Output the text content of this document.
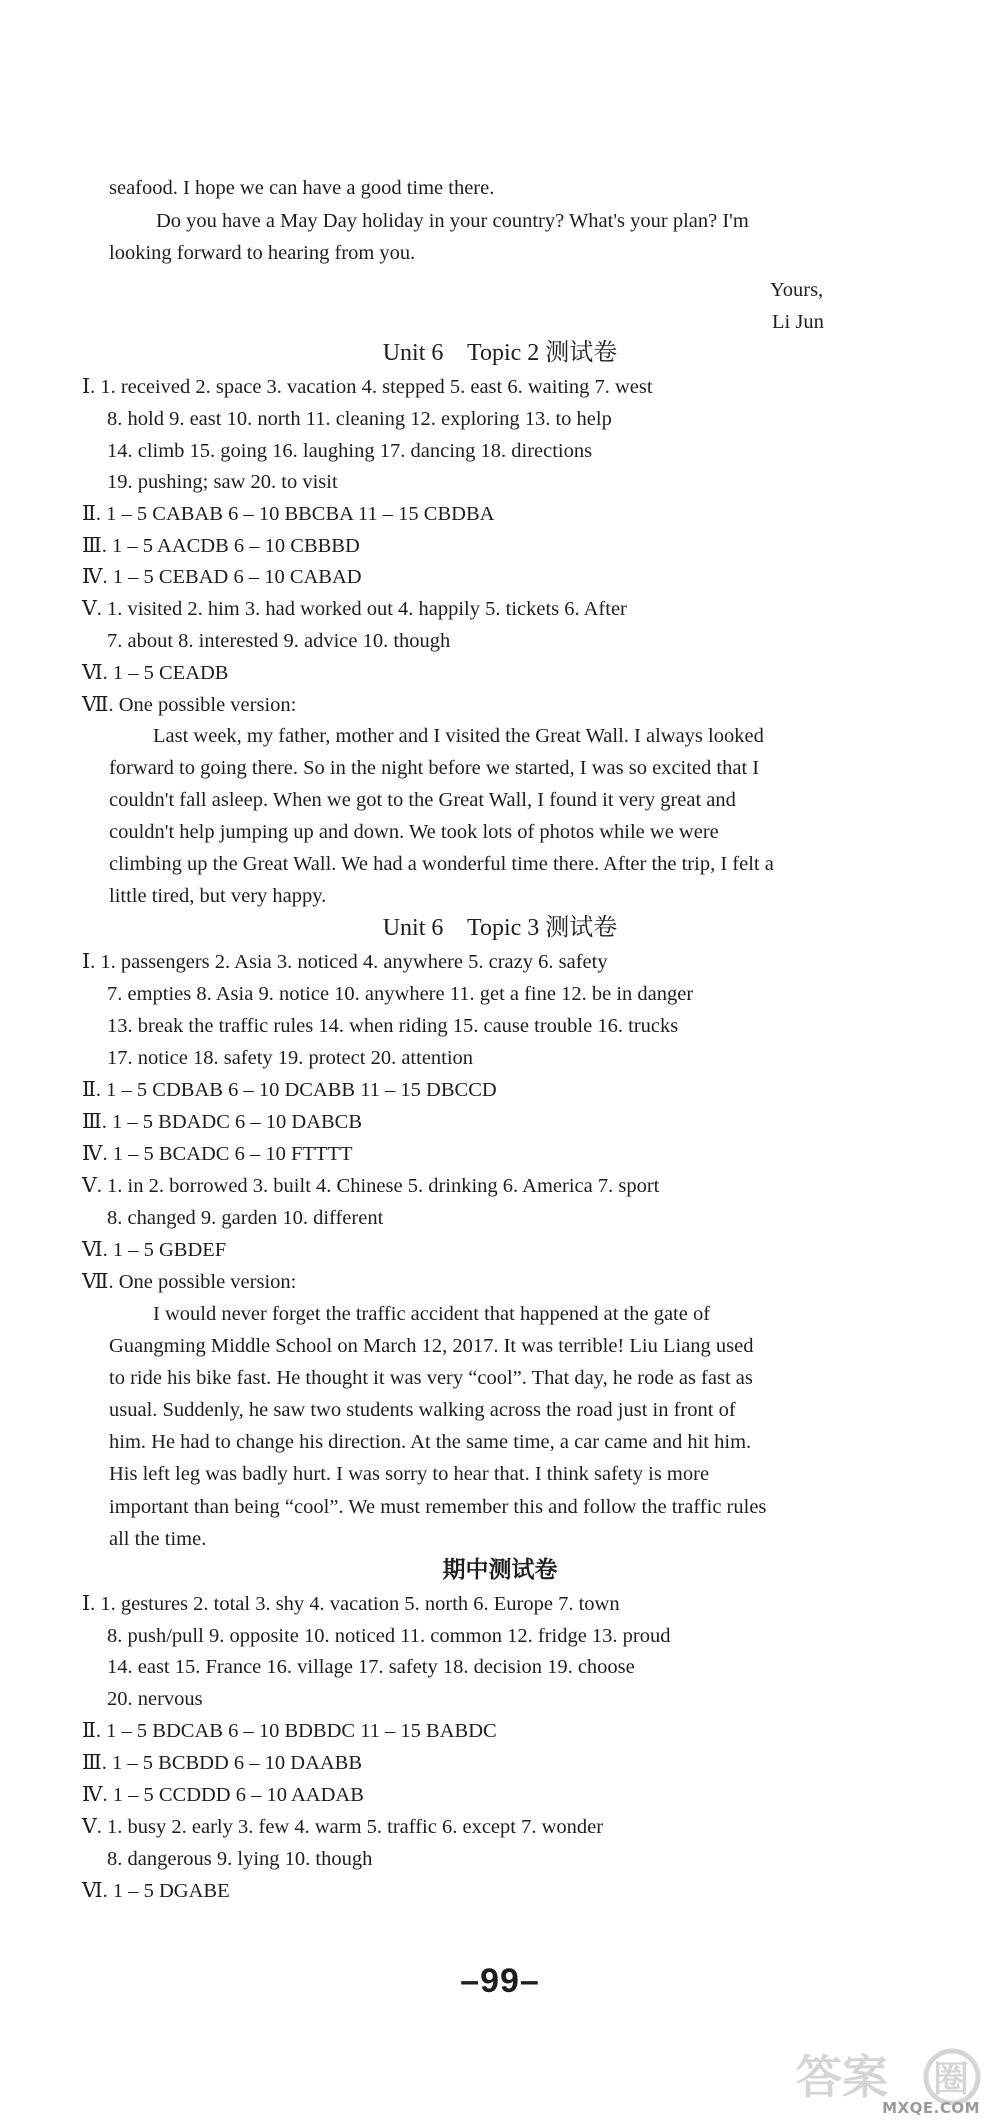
seafood. I hope we can have a good time there.
Do you have a May Day holiday in your country? What's your plan? I'm
looking forward to hearing from you.
Yours,
Li Jun
Unit 6    Topic 2 测试卷
Ⅰ. 1. received 2. space 3. vacation 4. stepped 5. east 6. waiting 7. west
8. hold 9. east 10. north 11. cleaning 12. exploring 13. to help
14. climb 15. going 16. laughing 17. dancing 18. directions
19. pushing; saw 20. to visit
Ⅱ. 1 – 5 CABAB 6 – 10 BBCBA 11 – 15 CBDBA
Ⅲ. 1 – 5 AACDB 6 – 10 CBBBD
Ⅳ. 1 – 5 CEBAD 6 – 10 CABAD
Ⅴ. 1. visited 2. him 3. had worked out 4. happily 5. tickets 6. After
7. about 8. interested 9. advice 10. though
Ⅵ. 1 – 5 CEADB
Ⅶ. One possible version:
Last week, my father, mother and I visited the Great Wall. I always looked
forward to going there. So in the night before we started, I was so excited that I
couldn't fall asleep. When we got to the Great Wall, I found it very great and
couldn't help jumping up and down. We took lots of photos while we were
climbing up the Great Wall. We had a wonderful time there. After the trip, I felt a
little tired, but very happy.
Unit 6    Topic 3 测试卷
Ⅰ. 1. passengers 2. Asia 3. noticed 4. anywhere 5. crazy 6. safety
7. empties 8. Asia 9. notice 10. anywhere 11. get a fine 12. be in danger
13. break the traffic rules 14. when riding 15. cause trouble 16. trucks
17. notice 18. safety 19. protect 20. attention
Ⅱ. 1 – 5 CDBAB 6 – 10 DCABB 11 – 15 DBCCD
Ⅲ. 1 – 5 BDADC 6 – 10 DABCB
Ⅳ. 1 – 5 BCADC 6 – 10 FTTTT
Ⅴ. 1. in 2. borrowed 3. built 4. Chinese 5. drinking 6. America 7. sport
8. changed 9. garden 10. different
Ⅵ. 1 – 5 GBDEF
Ⅶ. One possible version:
I would never forget the traffic accident that happened at the gate of
Guangming Middle School on March 12, 2017. It was terrible! Liu Liang used
to ride his bike fast. He thought it was very “cool”. That day, he rode as fast as
usual. Suddenly, he saw two students walking across the road just in front of
him. He had to change his direction. At the same time, a car came and hit him.
His left leg was badly hurt. I was sorry to hear that. I think safety is more
important than being “cool”. We must remember this and follow the traffic rules
all the time.
期中测试卷
Ⅰ. 1. gestures 2. total 3. shy 4. vacation 5. north 6. Europe 7. town
8. push/pull 9. opposite 10. noticed 11. common 12. fridge 13. proud
14. east 15. France 16. village 17. safety 18. decision 19. choose
20. nervous
Ⅱ. 1 – 5 BDCAB 6 – 10 BDBDC 11 – 15 BABDC
Ⅲ. 1 – 5 BCBDD 6 – 10 DAABB
Ⅳ. 1 – 5 CCDDD 6 – 10 AADAB
Ⅴ. 1. busy 2. early 3. few 4. warm 5. traffic 6. except 7. wonder
8. dangerous 9. lying 10. though
Ⅵ. 1 – 5 DGABE
–99–
答案 圈
MXQE.COM
